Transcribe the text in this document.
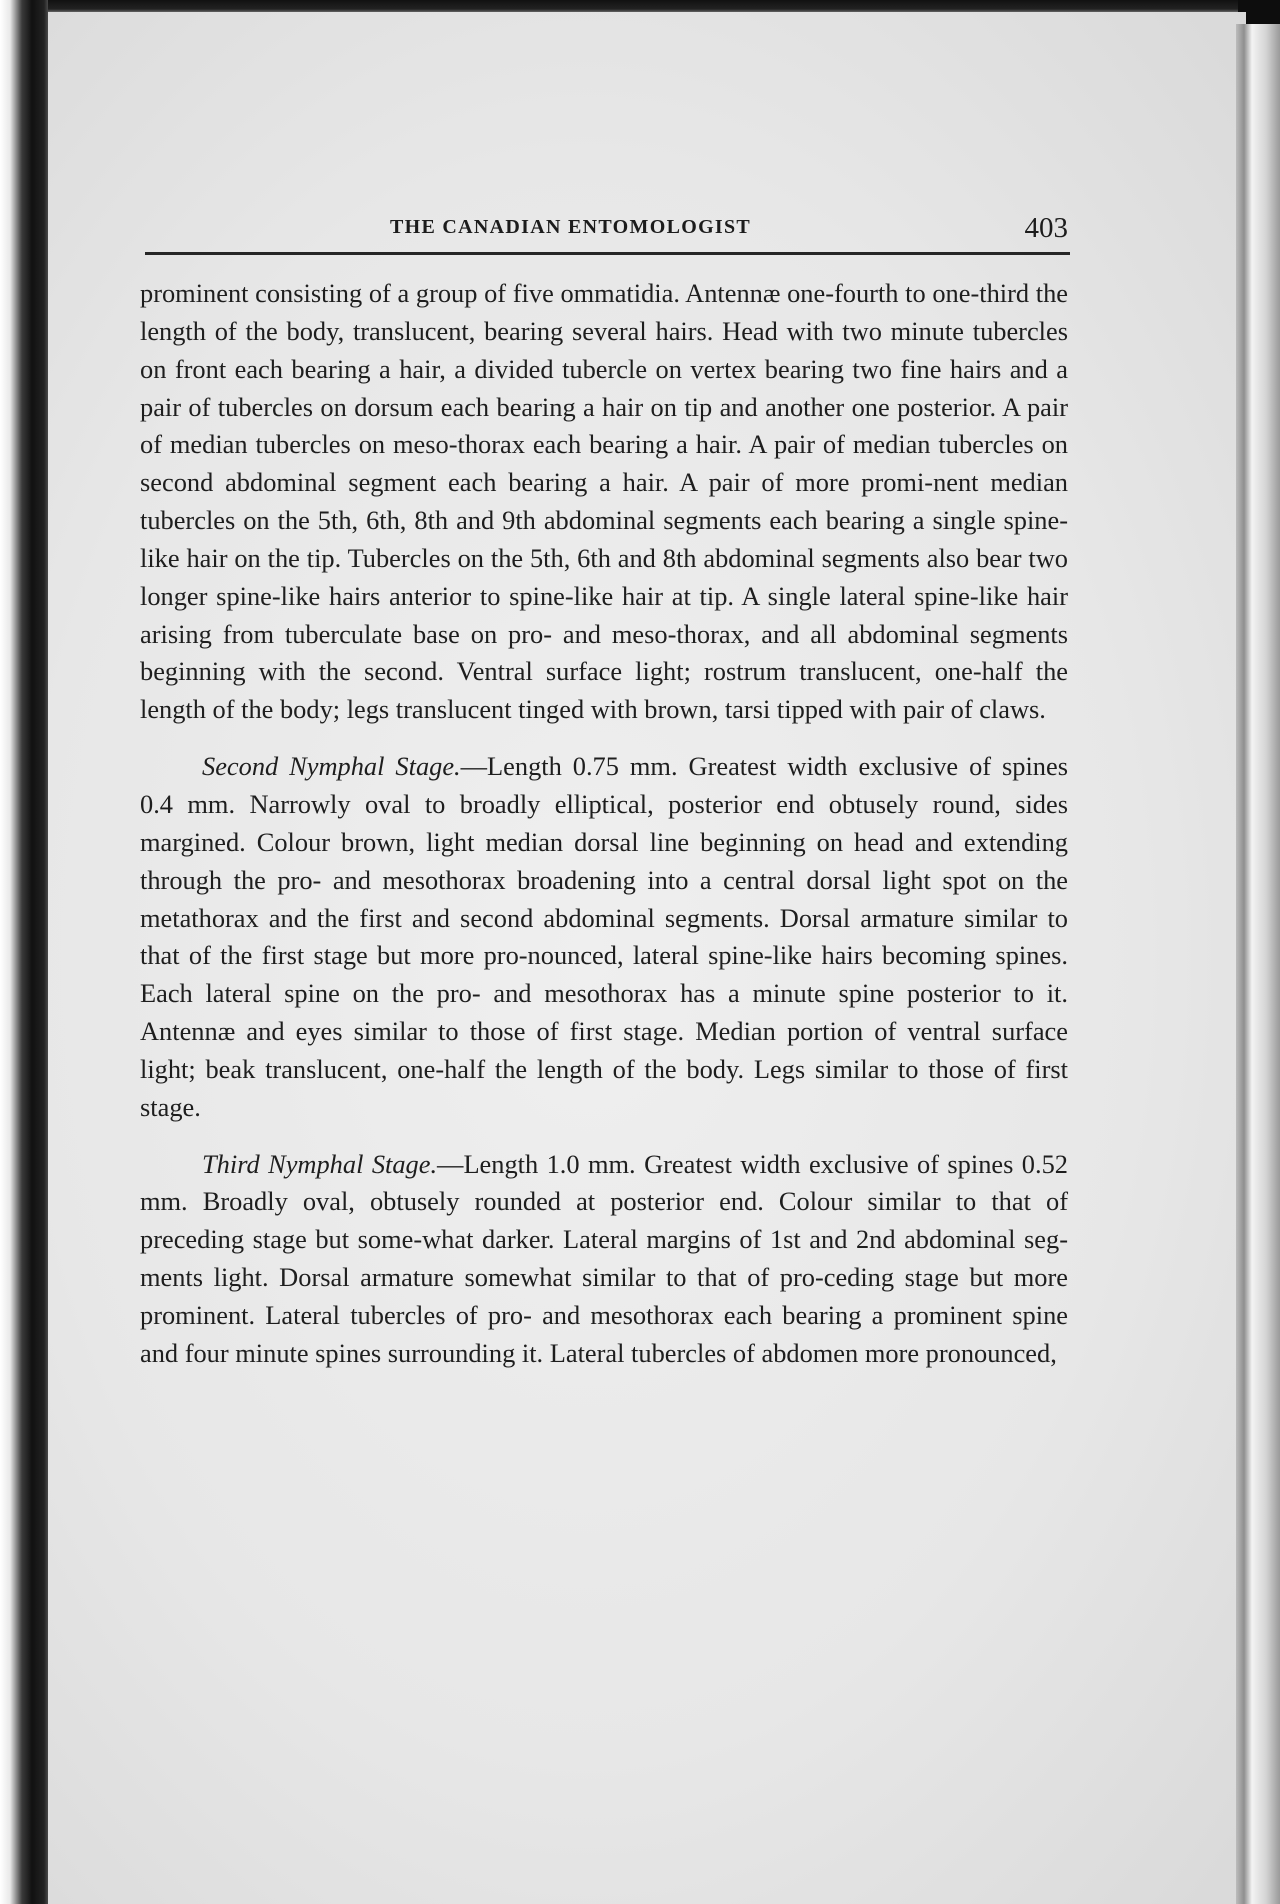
THE CANADIAN ENTOMOLOGIST	403

prominent consisting of a group of five ommatidia. Antennæ one-fourth to one-third the length of the body, translucent, bearing several hairs. Head with two minute tubercles on front each bearing a hair, a divided tubercle on vertex bearing two fine hairs and a pair of tubercles on dorsum each bearing a hair on tip and another one posterior. A pair of median tubercles on meso-thorax each bearing a hair. A pair of median tubercles on second abdominal segment each bearing a hair. A pair of more promi-nent median tubercles on the 5th, 6th, 8th and 9th abdominal segments each bearing a single spine-like hair on the tip. Tubercles on the 5th, 6th and 8th abdominal segments also bear two longer spine-like hairs anterior to spine-like hair at tip. A single lateral spine-like hair arising from tuberculate base on pro- and meso-thorax, and all abdominal segments beginning with the second. Ventral surface light; rostrum translucent, one-half the length of the body; legs translucent tinged with brown, tarsi tipped with pair of claws.

Second Nymphal Stage.—Length 0.75 mm. Greatest width exclusive of spines 0.4 mm. Narrowly oval to broadly elliptical, posterior end obtusely round, sides margined. Colour brown, light median dorsal line beginning on head and extending through the pro- and mesothorax broadening into a central dorsal light spot on the metathorax and the first and second abdominal segments. Dorsal armature similar to that of the first stage but more pro-nounced, lateral spine-like hairs becoming spines. Each lateral spine on the pro- and mesothorax has a minute spine posterior to it. Antennæ and eyes similar to those of first stage. Median portion of ventral surface light; beak translucent, one-half the length of the body. Legs similar to those of first stage.

Third Nymphal Stage.—Length 1.0 mm. Greatest width exclusive of spines 0.52 mm. Broadly oval, obtusely rounded at posterior end. Colour similar to that of preceding stage but some-what darker. Lateral margins of 1st and 2nd abdominal seg-ments light. Dorsal armature somewhat similar to that of pro-ceding stage but more prominent. Lateral tubercles of pro- and mesothorax each bearing a prominent spine and four minute spines surrounding it. Lateral tubercles of abdomen more pronounced,
